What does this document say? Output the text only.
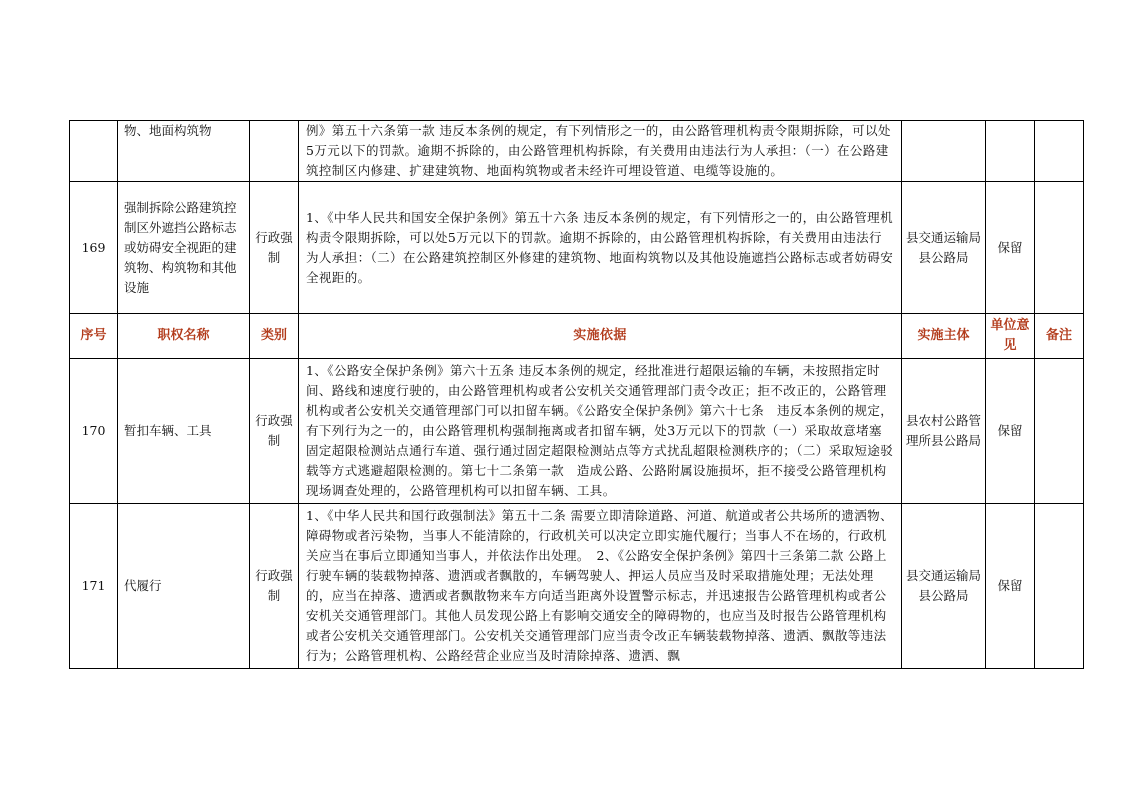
	物、地面构筑物		例》第五十六条第一款 违反本条例的规定，有下列情形之一的，由公路管理机构责令限期拆除，可以处5万元以下的罚款。逾期不拆除的，由公路管理机构拆除，有关费用由违法行为人承担：（一）在公路建筑控制区内修建、扩建建筑物、地面构筑物或者未经许可埋设管道、电缆等设施的。			
169	强制拆除公路建筑控制区外遮挡公路标志或妨碍安全视距的建筑物、构筑物和其他设施	行政强制	1、《中华人民共和国安全保护条例》第五十六条 违反本条例的规定，有下列情形之一的，由公路管理机构责令限期拆除，可以处5万元以下的罚款。逾期不拆除的，由公路管理机构拆除，有关费用由违法行为人承担：（二）在公路建筑控制区外修建的建筑物、地面构筑物以及其他设施遮挡公路标志或者妨碍安全视距的。	县交通运输局县公路局	保留	
序号	职权名称	类别	实施依据	实施主体	单位意见	备注
170	暂扣车辆、工具	行政强制	1、《公路安全保护条例》第六十五条 违反本条例的规定，经批准进行超限运输的车辆，未按照指定时间、路线和速度行驶的，由公路管理机构或者公安机关交通管理部门责令改正；拒不改正的，公路管理机构或者公安机关交通管理部门可以扣留车辆。《公路安全保护条例》第六十七条　违反本条例的规定，有下列行为之一的，由公路管理机构强制拖离或者扣留车辆，处3万元以下的罚款（一）采取故意堵塞固定超限检测站点通行车道、强行通过固定超限检测站点等方式扰乱超限检测秩序的；（二）采取短途驳载等方式逃避超限检测的。第七十二条第一款　造成公路、公路附属设施损坏，拒不接受公路管理机构现场调查处理的，公路管理机构可以扣留车辆、工具。	县农村公路管理所县公路局	保留	
171	代履行	行政强制	1、《中华人民共和国行政强制法》第五十二条 需要立即清除道路、河道、航道或者公共场所的遗洒物、障碍物或者污染物，当事人不能清除的，行政机关可以决定立即实施代履行；当事人不在场的，行政机关应当在事后立即通知当事人，并依法作出处理。　2、《公路安全保护条例》第四十三条第二款 公路上行驶车辆的装载物掉落、遗洒或者飘散的，车辆驾驶人、押运人员应当及时采取措施处理；无法处理的，应当在掉落、遗洒或者飘散物来车方向适当距离外设置警示标志，并迅速报告公路管理机构或者公安机关交通管理部门。其他人员发现公路上有影响交通安全的障碍物的，也应当及时报告公路管理机构或者公安机关交通管理部门。公安机关交通管理部门应当责令改正车辆装载物掉落、遗洒、飘散等违法行为；公路管理机构、公路经营企业应当及时清除掉落、遗洒、飘	县交通运输局县公路局	保留	
